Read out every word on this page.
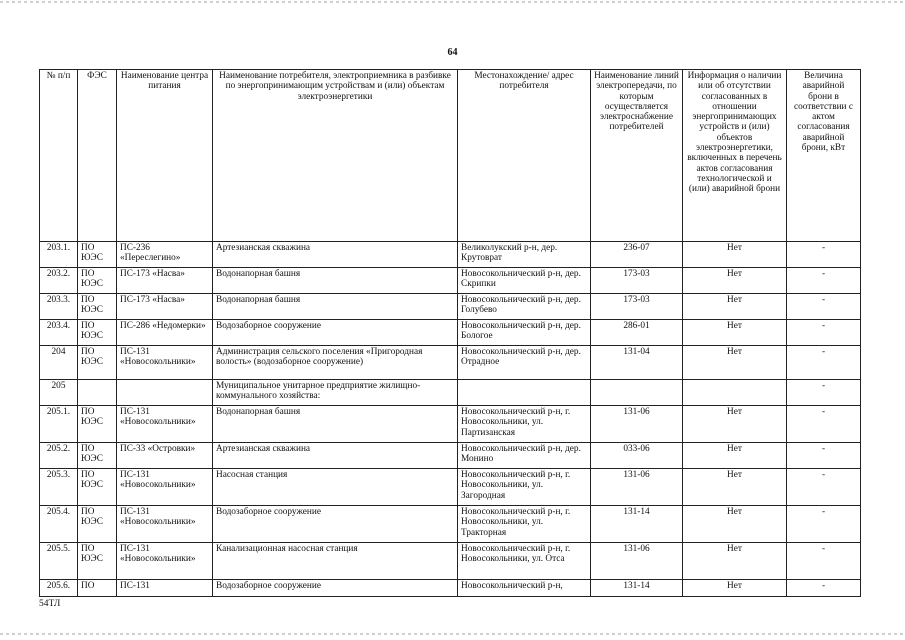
64
№ п/п	ФЭС	Наименование центра питания	Наименование потребителя, электроприемника в разбивке по энергопринимающим устройствам и (или) объектам электроэнергетики	Местонахождение/ адрес потребителя	Наименование линий электропередачи, по которым осуществляется электроснабжение потребителей	Информация о наличии или об отсутствии согласованных в отношении энергопринимающих устройств и (или) объектов электроэнергетики, включенных в перечень актов согласования технологической и (или) аварийной брони	Величина аварийной брони в соответствии с актом согласования аварийной брони, кВт
203.1.	ПО ЮЭС	ПС-236 «Переслегино»	Артезианская скважина	Великолукский р-н, дер. Крутоврат	236-07	Нет	-
203.2.	ПО ЮЭС	ПС-173 «Насва»	Водонапорная башня	Новосокольнический р-н, дер. Скрипки	173-03	Нет	-
203.3.	ПО ЮЭС	ПС-173 «Насва»	Водонапорная башня	Новосокольнический р-н, дер. Голубево	173-03	Нет	-
203.4.	ПО ЮЭС	ПС-286 «Недомерки»	Водозаборное сооружение	Новосокольнический р-н, дер. Бологое	286-01	Нет	-
204	ПО ЮЭС	ПС-131 «Новосокольники»	Администрация сельского поселения «Пригородная волость» (водозаборное сооружение)	Новосокольнический р-н, дер. Отрадное	131-04	Нет	-
205			Муниципальное унитарное предприятие жилищно-коммунального хозяйства:				-
205.1.	ПО ЮЭС	ПС-131 «Новосокольники»	Водонапорная башня	Новосокольнический р-н, г. Новосокольники, ул. Партизанская	131-06	Нет	-
205.2.	ПО ЮЭС	ПС-33 «Островки»	Артезианская скважина	Новосокольнический р-н, дер. Монино	033-06	Нет	-
205.3.	ПО ЮЭС	ПС-131 «Новосокольники»	Насосная станция	Новосокольнический р-н, г. Новосокольники, ул. Загородная	131-06	Нет	-
205.4.	ПО ЮЭС	ПС-131 «Новосокольники»	Водозаборное сооружение	Новосокольнический р-н, г. Новосокольники, ул. Тракторная	131-14	Нет	-
205.5.	ПО ЮЭС	ПС-131 «Новосокольники»	Канализационная насосная станция	Новосокольнический р-н, г. Новосокольники, ул. Отса	131-06	Нет	-
205.6.	ПО	ПС-131	Водозаборное сооружение	Новосокольнический р-н,	131-14	Нет	-
54ТЛ
